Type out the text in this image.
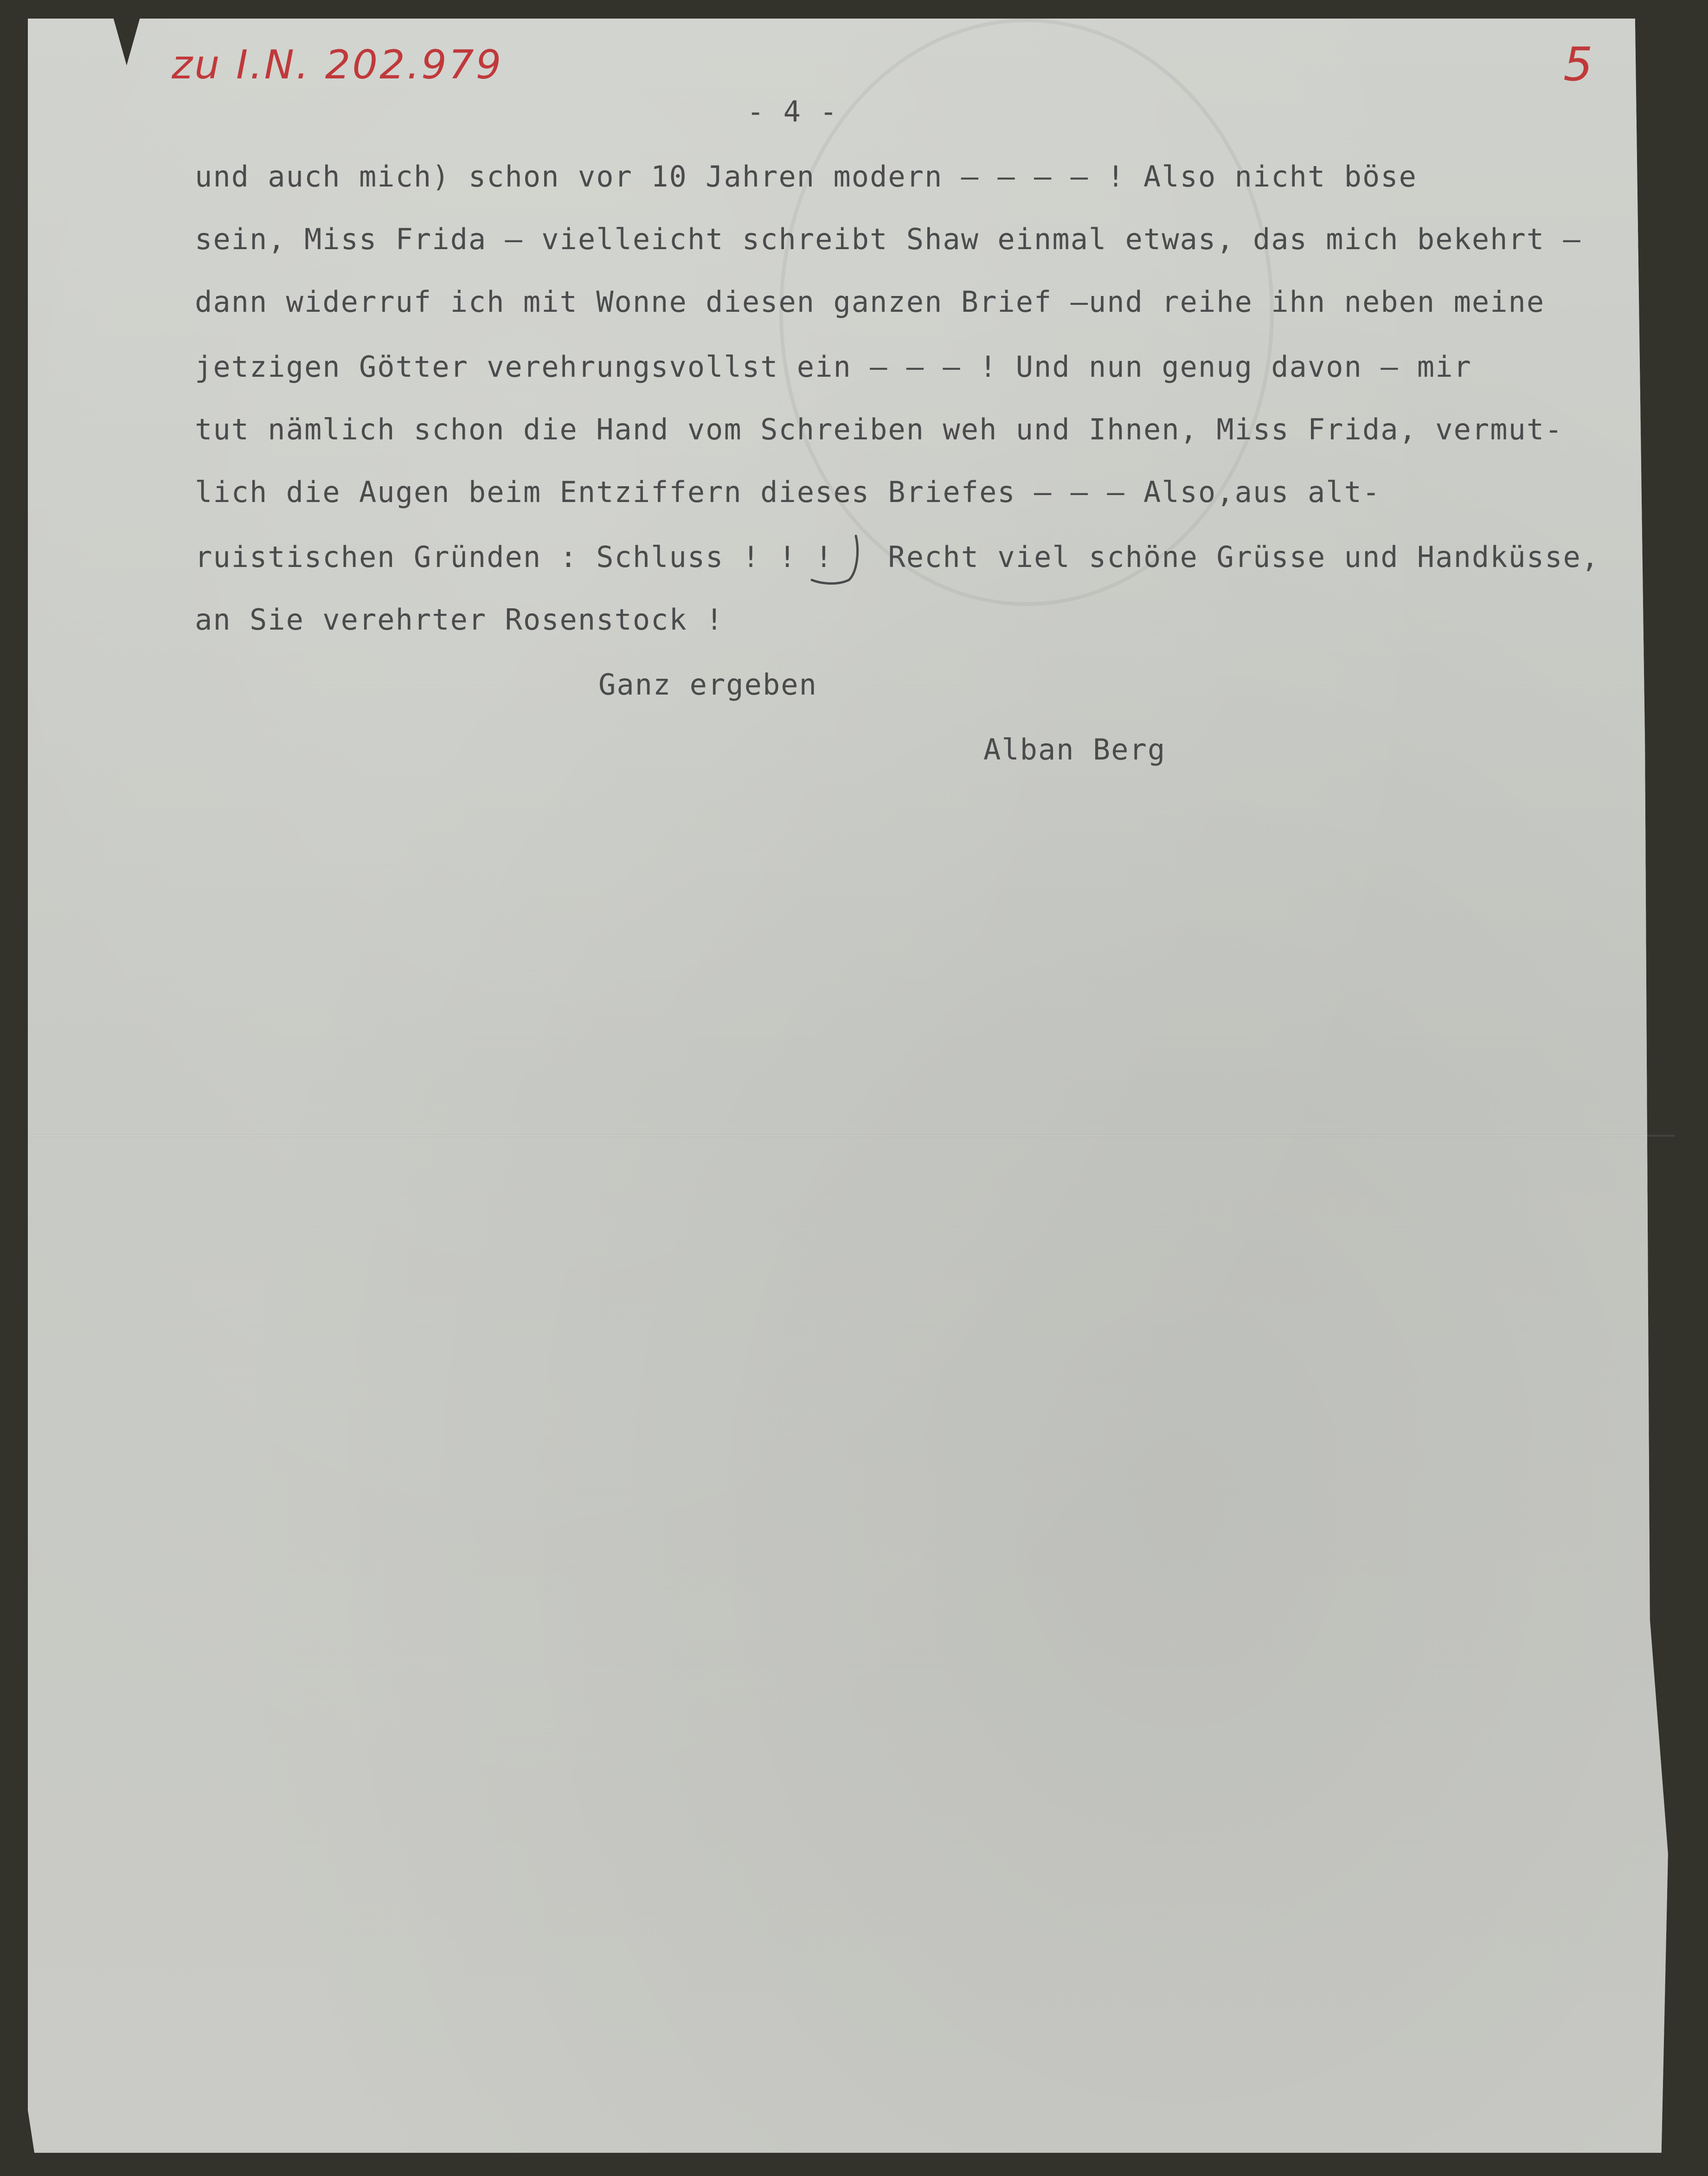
zu I.N. 202.979	5
- 4 -
und auch mich) schon vor 10 Jahren modern — — — — ! Also nicht böse
sein, Miss Frida — vielleicht schreibt Shaw einmal etwas, das mich bekehrt —
dann widerruf ich mit Wonne diesen ganzen Brief —und reihe ihn neben meine
jetzigen Götter verehrungsvollst ein — — — ! Und nun genug davon — mir
tut nämlich schon die Hand vom Schreiben weh und Ihnen, Miss Frida, vermut-
lich die Augen beim Entziffern dieses Briefes — — — Also,aus alt-
ruistischen Gründen : Schluss ! ! !   Recht viel schöne Grüsse und Handküsse,
an Sie verehrter Rosenstock !
Ganz ergeben
Alban Berg
